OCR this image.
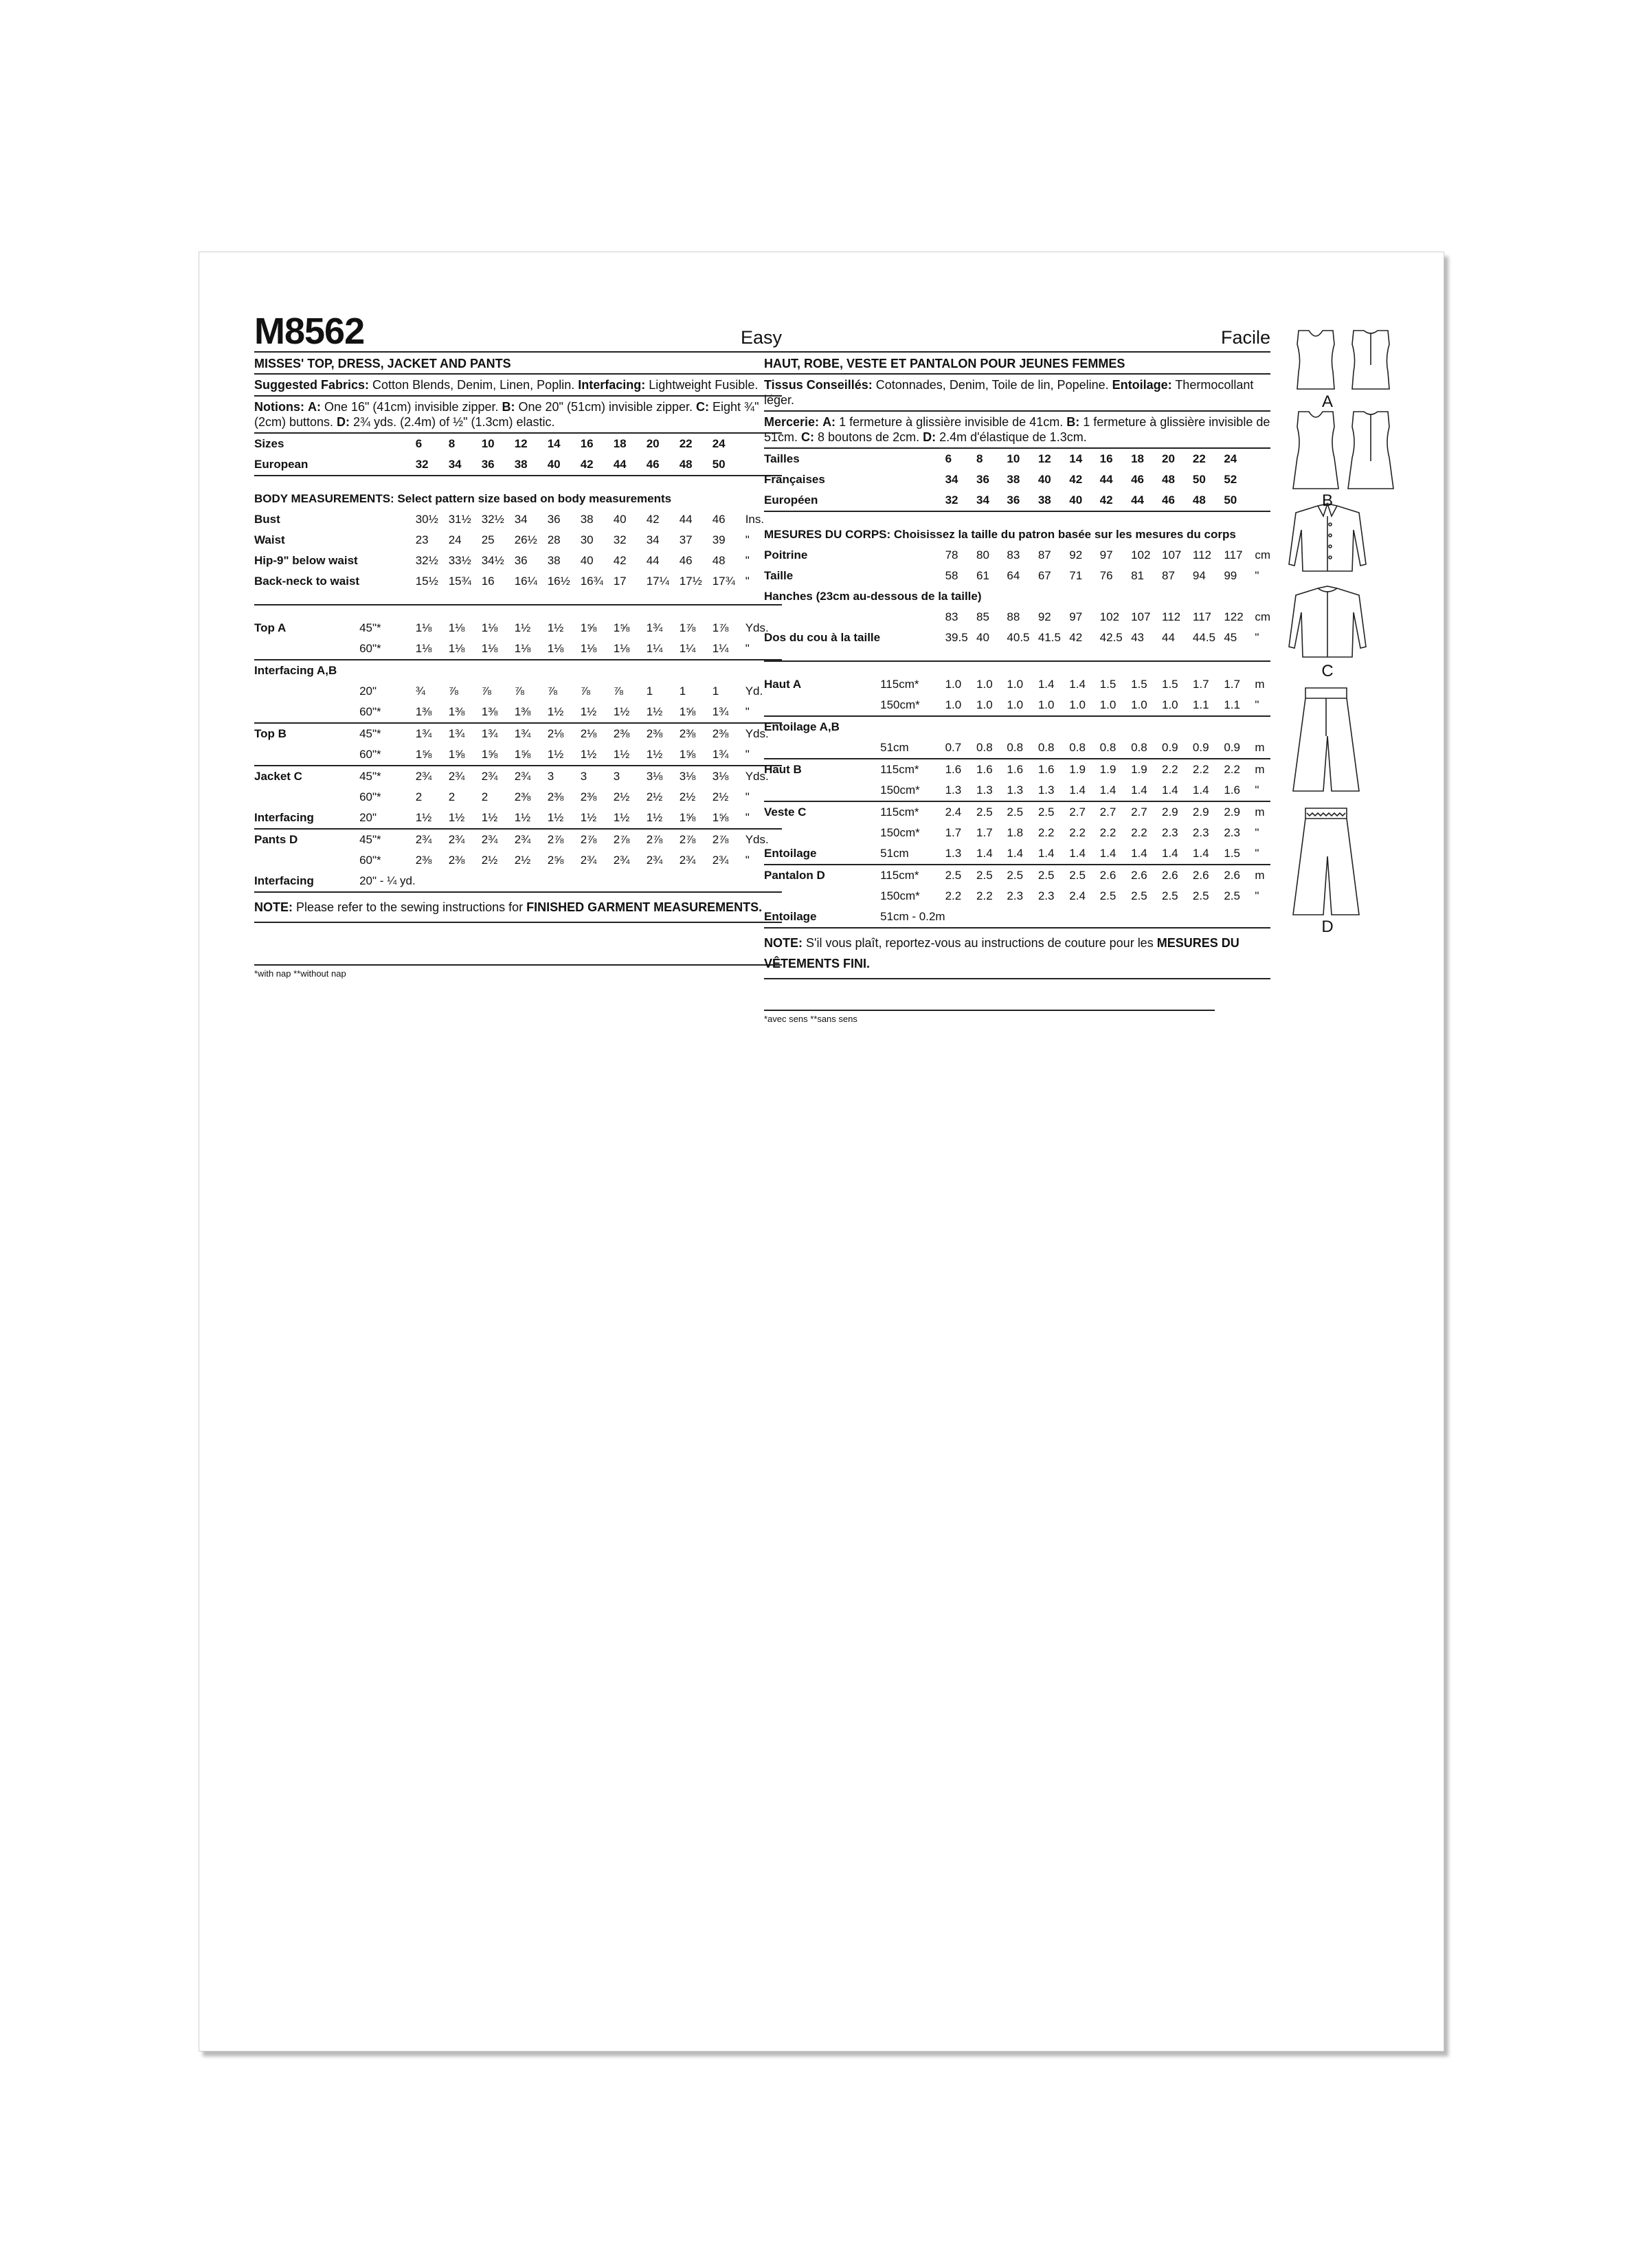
M8562	Easy
MISSES' TOP, DRESS, JACKET AND PANTS
Suggested Fabrics: Cotton Blends, Denim, Linen, Poplin. Interfacing: Lightweight Fusible.
Notions: A: One 16" (41cm) invisible zipper. B: One 20" (51cm) invisible zipper. C: Eight ¾" (2cm) buttons. D: 2¾ yds. (2.4m) of ½" (1.3cm) elastic.
Sizes		6	8	10	12	14	16	18	20	22	24	
European		32	34	36	38	40	42	44	46	48	50	

BODY MEASUREMENTS: Select pattern size based on body measurements												
Bust		30½	31½	32½	34	36	38	40	42	44	46	Ins.
Waist		23	24	25	26½	28	30	32	34	37	39	"
Hip-9" below waist		32½	33½	34½	36	38	40	42	44	46	48	"
Back-neck to waist		15½	15¾	16	16¼	16½	16¾	17	17¼	17½	17¾	"

Top A	45"*	1⅛	1⅛	1⅛	1½	1½	1⅝	1⅝	1¾	1⅞	1⅞	Yds.
	60"*	1⅛	1⅛	1⅛	1⅛	1⅛	1⅛	1⅛	1¼	1¼	1¼	"
Interfacing A,B												
	20"	¾	⅞	⅞	⅞	⅞	⅞	⅞	1	1	1	Yd.
	60"*	1⅜	1⅜	1⅜	1⅜	1½	1½	1½	1½	1⅝	1¾	"
Top B	45"*	1¾	1¾	1¾	1¾	2⅛	2⅛	2⅜	2⅜	2⅜	2⅜	Yds.
	60"*	1⅝	1⅝	1⅝	1⅝	1½	1½	1½	1½	1⅝	1¾	"
Jacket C	45"*	2¾	2¾	2¾	2¾	3	3	3	3⅛	3⅛	3⅛	Yds.
	60"*	2	2	2	2⅜	2⅜	2⅜	2½	2½	2½	2½	"
Interfacing	20"	1½	1½	1½	1½	1½	1½	1½	1½	1⅝	1⅝	"
Pants D	45"*	2¾	2¾	2¾	2¾	2⅞	2⅞	2⅞	2⅞	2⅞	2⅞	Yds.
	60"*	2⅜	2⅜	2½	2½	2⅝	2¾	2¾	2¾	2¾	2¾	"
Interfacing	20" - ¼ yd.											
NOTE: Please refer to the sewing instructions for FINISHED GARMENT MEASUREMENTS.
*with nap **without nap
Facile
HAUT, ROBE, VESTE ET PANTALON POUR JEUNES FEMMES
Tissus Conseillés: Cotonnades, Denim, Toile de lin, Popeline. Entoilage: Thermocollant léger.
Mercerie: A: 1 fermeture à glissière invisible de 41cm. B: 1 fermeture à glissière invisible de 51cm. C: 8 boutons de 2cm. D: 2.4m d'élastique de 1.3cm.
Tailles		6	8	10	12	14	16	18	20	22	24	
Françaises		34	36	38	40	42	44	46	48	50	52	
Européen		32	34	36	38	40	42	44	46	48	50	

MESURES DU CORPS: Choisissez la taille du patron basée sur les mesures du corps												
Poitrine		78	80	83	87	92	97	102	107	112	117	cm
Taille		58	61	64	67	71	76	81	87	94	99	"
Hanches (23cm au-dessous de la taille)												
		83	85	88	92	97	102	107	112	117	122	cm
Dos du cou à la taille		39.5	40	40.5	41.5	42	42.5	43	44	44.5	45	"

Haut A	115cm*	1.0	1.0	1.0	1.4	1.4	1.5	1.5	1.5	1.7	1.7	m
	150cm*	1.0	1.0	1.0	1.0	1.0	1.0	1.0	1.0	1.1	1.1	"
Entoilage A,B												
	51cm	0.7	0.8	0.8	0.8	0.8	0.8	0.8	0.9	0.9	0.9	m
Haut B	115cm*	1.6	1.6	1.6	1.6	1.9	1.9	1.9	2.2	2.2	2.2	m
	150cm*	1.3	1.3	1.3	1.3	1.4	1.4	1.4	1.4	1.4	1.6	"
Veste C	115cm*	2.4	2.5	2.5	2.5	2.7	2.7	2.7	2.9	2.9	2.9	m
	150cm*	1.7	1.7	1.8	2.2	2.2	2.2	2.2	2.3	2.3	2.3	"
Entoilage	51cm	1.3	1.4	1.4	1.4	1.4	1.4	1.4	1.4	1.4	1.5	"
Pantalon D	115cm*	2.5	2.5	2.5	2.5	2.5	2.6	2.6	2.6	2.6	2.6	m
	150cm*	2.2	2.2	2.3	2.3	2.4	2.5	2.5	2.5	2.5	2.5	"
Entoilage	51cm - 0.2m											
NOTE: S'il vous plaît, reportez-vous au instructions de couture pour les MESURES DU VÊTEMENTS FINI.
*avec sens **sans sens
A
B
C
D
